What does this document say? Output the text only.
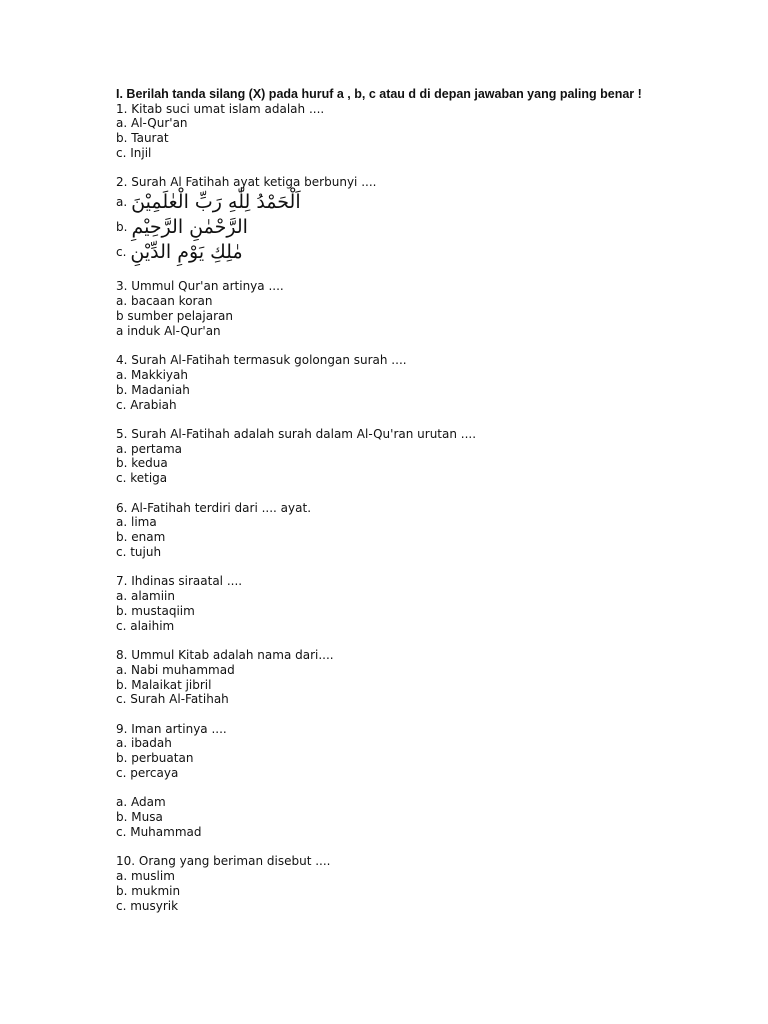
I. Berilah tanda silang (X) pada huruf a , b, c atau d di depan jawaban yang paling benar !
1. Kitab suci umat islam adalah ....
a. Al-Qur'an
b. Taurat
c. Injil
2. Surah Al Fatihah ayat ketiga berbunyi ....
a. اَلْحَمْدُ لِلّٰهِ رَبِّ الْعٰلَمِيْنَ
b. الرَّحْمٰنِ الرَّحِيْمِ
c. مٰلِكِ يَوْمِ الدِّيْنِ
3. Ummul Qur'an artinya ....
a. bacaan koran
b sumber pelajaran
a induk Al-Qur'an
4. Surah Al-Fatihah termasuk golongan surah ....
a. Makkiyah
b. Madaniah
c. Arabiah
5. Surah Al-Fatihah adalah surah dalam Al-Qu'ran urutan ....
a. pertama
b. kedua
c. ketiga
6. Al-Fatihah terdiri dari .... ayat.
a. lima
b. enam
c. tujuh
7. Ihdinas siraatal ....
a. alamiin
b. mustaqiim
c. alaihim
8. Ummul Kitab adalah nama dari....
a. Nabi muhammad
b. Malaikat jibril
c. Surah Al-Fatihah
9. Iman artinya ....
a. ibadah
b. perbuatan
c. percaya
a. Adam
b. Musa
c. Muhammad
10. Orang yang beriman disebut ....
a. muslim
b. mukmin
c. musyrik
